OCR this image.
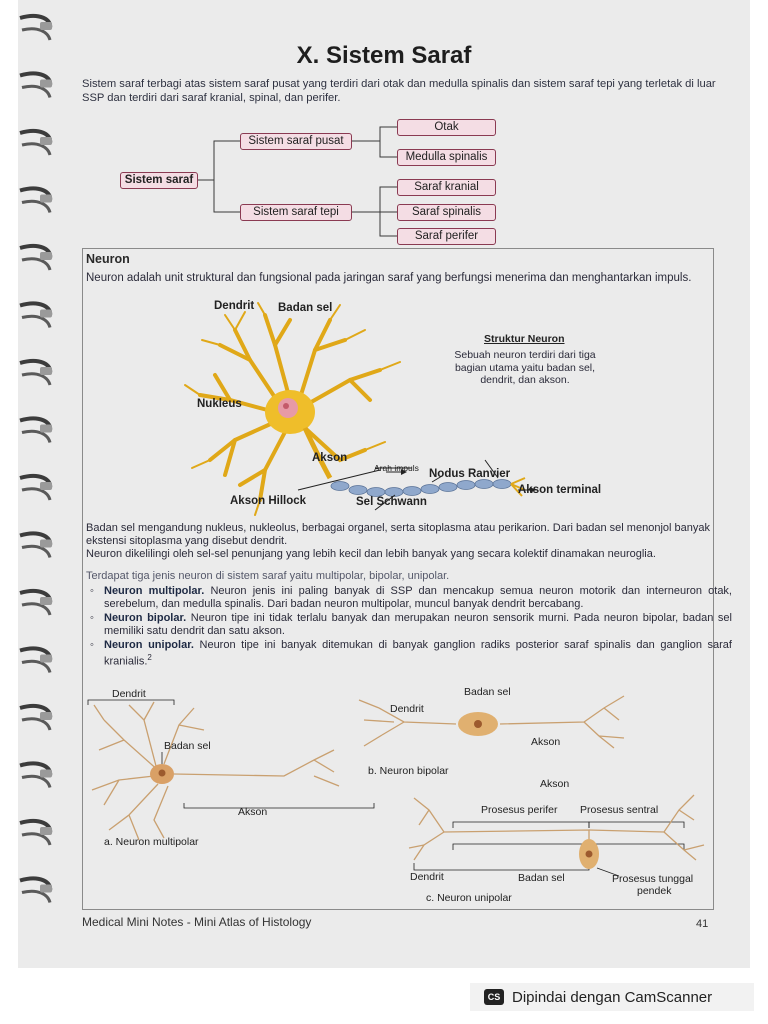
X. Sistem Saraf
Sistem saraf terbagi atas sistem saraf pusat yang terdiri dari otak dan medulla spinalis dan sistem saraf tepi yang terletak di luar SSP dan terdiri dari saraf kranial, spinal, dan perifer.
Sistem saraf
Sistem saraf pusat
Sistem saraf tepi
Otak
Medulla spinalis
Saraf kranial
Saraf spinalis
Saraf perifer
Neuron
Neuron adalah unit struktural dan fungsional pada jaringan saraf yang berfungsi menerima dan menghantarkan impuls.
Dendrit Badan sel
Nukleus
Akson
Arah impuls Nodus Ranvier
Akson terminal
Akson Hillock	Sel Schwann
Struktur Neuron
Sebuah neuron terdiri dari tiga bagian utama yaitu badan sel, dendrit, dan akson.
Badan sel mengandung nukleus, nukleolus, berbagai organel, serta sitoplasma atau perikarion. Dari badan sel menonjol banyak ekstensi sitoplasma yang disebut dendrit.
Neuron dikelilingi oleh sel-sel penunjang yang lebih kecil dan lebih banyak yang secara kolektif dinamakan neuroglia.
Terdapat tiga jenis neuron di sistem saraf yaitu multipolar, bipolar, unipolar.
◦ Neuron multipolar. Neuron jenis ini paling banyak di SSP dan mencakup semua neuron motorik dan interneuron otak, serebelum, dan medulla spinalis. Dari badan neuron multipolar, muncul banyak dendrit bercabang.
◦ Neuron bipolar. Neuron tipe ini tidak terlalu banyak dan merupakan neuron sensorik murni. Pada neuron bipolar, badan sel memiliki satu dendrit dan satu akson.
◦ Neuron unipolar. Neuron tipe ini banyak ditemukan di banyak ganglion radiks posterior saraf spinalis dan ganglion saraf kranialis.$^2$
Dendrit
Badan sel
Akson
a. Neuron multipolar
Dendrit
Badan sel
Akson
b. Neuron bipolar
Akson
Prosesus perifer Prosesus sentral
Dendrit	Badan sel	Prosesus tunggal
pendek
c. Neuron unipolar
Medical Mini Notes - Mini Atlas of Histology	41
CS Dipindai dengan CamScanner
